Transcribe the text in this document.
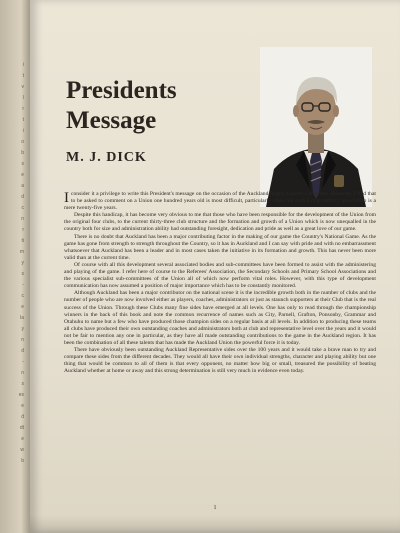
i
t
v
l
r
t
i
o
b
s
e
a
d
c
n
r
ti
m
y
s
-
c
e
la
y
n
d
-
n
s
es
e
d
dt
e
w
b
Presidents Message
M. J. DICK

Iconsider it a privilege to write this President's message on the occasion of the Auckland Rugby Union's Centenary. However, I find that to be asked to comment on a Union one hundred years old is most difficult, particularly when my own living memory association is a mere twenty-five years.

Despite this handicap, it has become very obvious to me that those who have been responsible for the development of the Union from the original four clubs, to the current thirty-three club structure and the formation and growth of a Union which is now unequalled in the country both for size and administration ability had outstanding foresight, dedication and pride as well as a great love of our game.

There is no doubt that Auckland has been a major contributing factor in the making of our game the Country's National Game. As the game has gone from strength to strength throughout the Country, so it has in Auckland and I can say with pride and with no embarrassment whatsoever that Auckland has been a leader and in most cases taken the initiative in its formation and growth. This has never been more valid than at the current time.

Of course with all this development several associated bodies and sub-committees have been formed to assist with the administering and playing of the game. I refer here of course to the Referees' Association, the Secondary Schools and Primary School Associations and the various specialist sub-committees of the Union all of which now perform vital roles. However, with this type of development communication has now assumed a position of major importance which has to be constantly monitored.

Although Auckland has been a major contributor on the national scene it is the incredible growth both in the number of clubs and the number of people who are now involved either as players, coaches, administrators or just as staunch supporters at their Club that is the real success of the Union. Through these Clubs many fine sides have emerged at all levels. One has only to read through the championship winners in the back of this book and note the common recurrence of names such as City, Parnell, Grafton, Ponsonby, Grammar and Otahuhu to name but a few who have produced those champion sides on a regular basis at all levels. In addition to producing these teams all clubs have produced their own outstanding coaches and administrators both at club and representative level over the years and it would not be fair to mention any one in particular, as they have all made outstanding contributions to the game in the Auckland region. It has been the combination of all these talents that has made the Auckland Union the powerful force it is today.

There have obviously been outstanding Auckland Representative sides over the 100 years and it would take a brave man to try and compare these sides from the different decades. They would all have their own individual strengths, character and playing ability but one thing that would be common to all of them is that every opponent, no matter how big or small, treasured the possibility of beating Auckland whether at home or away and this strong determination is still very much in evidence even today.

1
